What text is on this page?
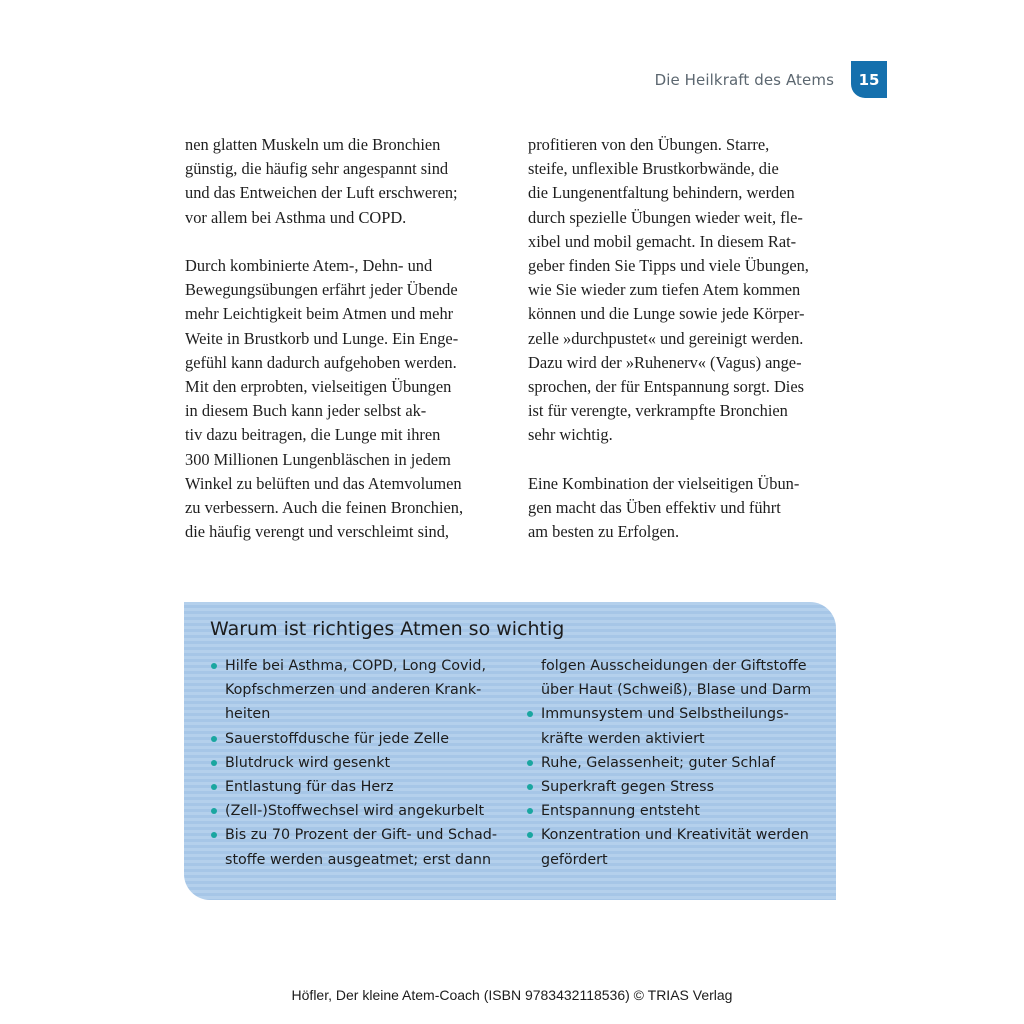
Die Heilkraft des Atems	15
nen glatten Muskeln um die Bronchien
günstig, die häufig sehr angespannt sind
und das Entweichen der Luft erschweren;
vor allem bei Asthma und COPD.
Durch kombinierte Atem-, Dehn- und
Bewegungsübungen erfährt jeder Übende
mehr Leichtigkeit beim Atmen und mehr
Weite in Brustkorb und Lunge. Ein Enge-
gefühl kann dadurch aufgehoben werden.
Mit den erprobten, vielseitigen Übungen
in diesem Buch kann jeder selbst ak-
tiv dazu beitragen, die Lunge mit ihren
300 Millionen Lungenbläschen in jedem
Winkel zu belüften und das Atemvolumen
zu verbessern. Auch die feinen Bronchien,
die häufig verengt und verschleimt sind,
profitieren von den Übungen. Starre,
steife, unflexible Brustkorbwände, die
die Lungenentfaltung behindern, werden
durch spezielle Übungen wieder weit, fle-
xibel und mobil gemacht. In diesem Rat-
geber finden Sie Tipps und viele Übungen,
wie Sie wieder zum tiefen Atem kommen
können und die Lunge sowie jede Körper-
zelle »durchpustet« und gereinigt werden.
Dazu wird der »Ruhenerv« (Vagus) ange-
sprochen, der für Entspannung sorgt. Dies
ist für verengte, verkrampfte Bronchien
sehr wichtig.
Eine Kombination der vielseitigen Übun-
gen macht das Üben effektiv und führt
am besten zu Erfolgen.
Warum ist richtiges Atmen so wichtig
Hilfe bei Asthma, COPD, Long Covid,
Kopfschmerzen und anderen Krank-
heiten
Sauerstoffdusche für jede Zelle
Blutdruck wird gesenkt
Entlastung für das Herz
(Zell-)Stoffwechsel wird angekurbelt
Bis zu 70 Prozent der Gift- und Schad-
stoffe werden ausgeatmet; erst dann
folgen Ausscheidungen der Giftstoffe
über Haut (Schweiß), Blase und Darm
Immunsystem und Selbstheilungs-
kräfte werden aktiviert
Ruhe, Gelassenheit; guter Schlaf
Superkraft gegen Stress
Entspannung entsteht
Konzentration und Kreativität werden
gefördert
Höfler, Der kleine Atem-Coach (ISBN 9783432118536) © TRIAS Verlag
